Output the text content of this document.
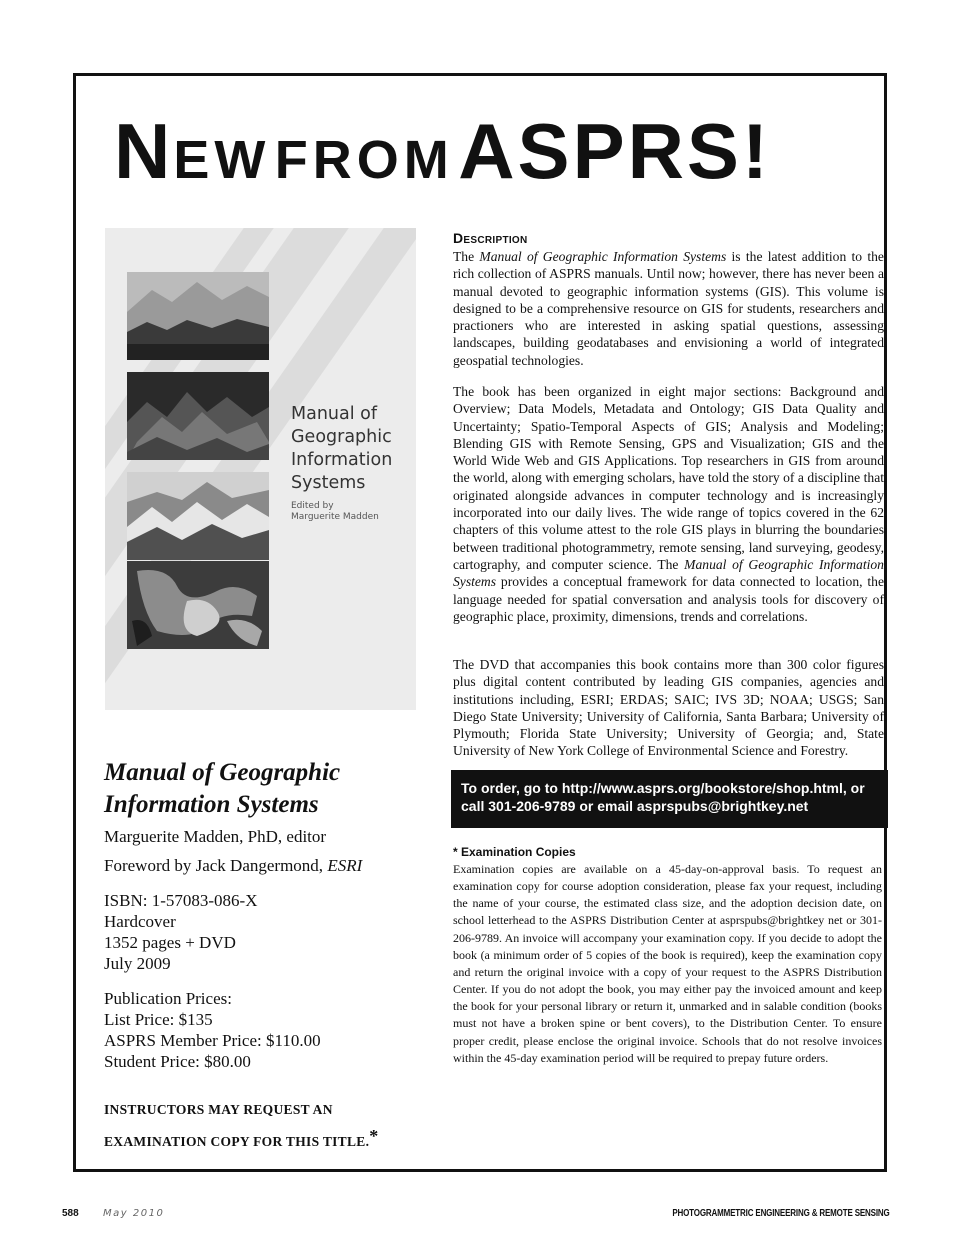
NEW FROM ASPRS!
Manual of
Geographic
Information
Systems
Edited by
Marguerite Madden
Manual of Geographic
Information Systems
Marguerite Madden, PhD, editor
Foreword by Jack Dangermond, ESRI
ISBN: 1-57083-086-X
Hardcover
1352 pages + DVD
July 2009
Publication Prices:
List Price: $135
ASPRS Member Price: $110.00
Student Price: $80.00
INSTRUCTORS MAY REQUEST AN
EXAMINATION COPY FOR THIS TITLE.*
Description
The Manual of Geographic Information Systems is the latest addition to the rich collection of ASPRS manuals. Until now; however, there has never been a manual devoted to geographic information systems (GIS). This volume is designed to be a comprehensive resource on GIS for students, researchers and practioners who are interested in asking spatial questions, assessing landscapes, building geodatabases and envisioning a world of integrated geospatial technologies.
The book has been organized in eight major sections: Background and Overview; Data Models, Metadata and Ontology; GIS Data Quality and Uncertainty; Spatio-Temporal Aspects of GIS; Analysis and Modeling; Blending GIS with Remote Sensing, GPS and Visualization; GIS and the World Wide Web and GIS Applications. Top researchers in GIS from around the world, along with emerging scholars, have told the story of a discipline that originated alongside advances in computer technology and is increasingly incorporated into our daily lives. The wide range of topics covered in the 62 chapters of this volume attest to the role GIS plays in blurring the boundaries between traditional photogrammetry, remote sensing, land surveying, geodesy, cartography, and computer science. The Manual of Geographic Information Systems provides a conceptual framework for data connected to location, the language needed for spatial conversation and analysis tools for discovery of geographic place, proximity, dimensions, trends and correlations.
The DVD that accompanies this book contains more than 300 color figures plus digital content contributed by leading GIS companies, agencies and institutions including, ESRI; ERDAS; SAIC; IVS 3D; NOAA; USGS; San Diego State University; University of California, Santa Barbara; University of Plymouth; Florida State University; University of Georgia; and, State University of New York College of Environmental Science and Forestry.
To order, go to http://www.asprs.org/bookstore/shop.html, or
call 301-206-9789 or email asprspubs@brightkey.net
* Examination Copies
Examination copies are available on a 45-day-on-approval basis. To request an examination copy for course adoption consideration, please fax your request, including the name of your course, the estimated class size, and the adoption decision date, on school letterhead to the ASPRS Distribution Center at asprspubs@brightkey net or 301-206-9789. An invoice will accompany your examination copy. If you decide to adopt the book (a minimum order of 5 copies of the book is required), keep the examination copy and return the original invoice with a copy of your request to the ASPRS Distribution Center. If you do not adopt the book, you may either pay the invoiced amount and keep the book for your personal library or return it, unmarked and in salable condition (books must not have a broken spine or bent covers), to the Distribution Center. To ensure proper credit, please enclose the original invoice. Schools that do not resolve invoices within the 45-day examination period will be required to prepay future orders.
588 May 2010	PHOTOGRAMMETRIC ENGINEERING & REMOTE SENSING
